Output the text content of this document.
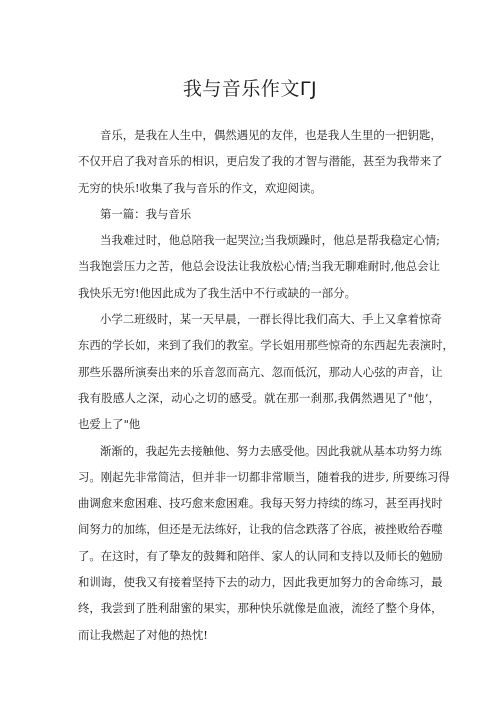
我与音乐作文ΓJ
音乐，是我在人生中，偶然遇见的友伴，也是我人生里的一把钥匙，
不仅开启了我对音乐的相识，更启发了我的才智与潜能，甚至为我带来了
无穷的快乐!收集了我与音乐的作文，欢迎阅读。
第一篇：我与音乐
当我难过时，他总陪我一起哭泣;当我烦躁时，他总是帮我稳定心情;
当我饱尝压力之苦，他总会设法让我放松心情;当我无聊难耐时,他总会让
我快乐无穷!他因此成为了我生活中不行或缺的一部分。
小学二班级时，某一天早晨，一群长得比我们高大、手上又拿着惊奇
东西的学长如，来到了我们的教室。学长姐用那些惊奇的东西起先表演时，
那些乐器所演奏出来的乐音忽而高亢、忽而低沉，那动人心弦的声音，让
我有股感人之深，动心之切的感受。就在那一刹那,我偶然遇见了"他‘，
也爱上了"他
渐渐的，我起先去接触他、努力去感受他。因此我就从基本功努力练
习。刚起先非常简洁，但并非一切都非常顺当，随着我的进步, 所要练习得
曲调愈来愈困难、技巧愈来愈困难。我每天努力持续的练习，甚至再找时
间努力的加练，但还是无法练好，让我的信念跌落了谷底，被挫败给吞噬
了。在这时，有了挚友的鼓舞和陪伴、家人的认同和支持以及师长的勉励
和训诲，使我又有接着坚持下去的动力，因此我更加努力的舍命练习，最
终，我尝到了胜利甜蜜的果实，那种快乐就像是血液，流经了整个身体，
而让我燃起了对他的热忱!
